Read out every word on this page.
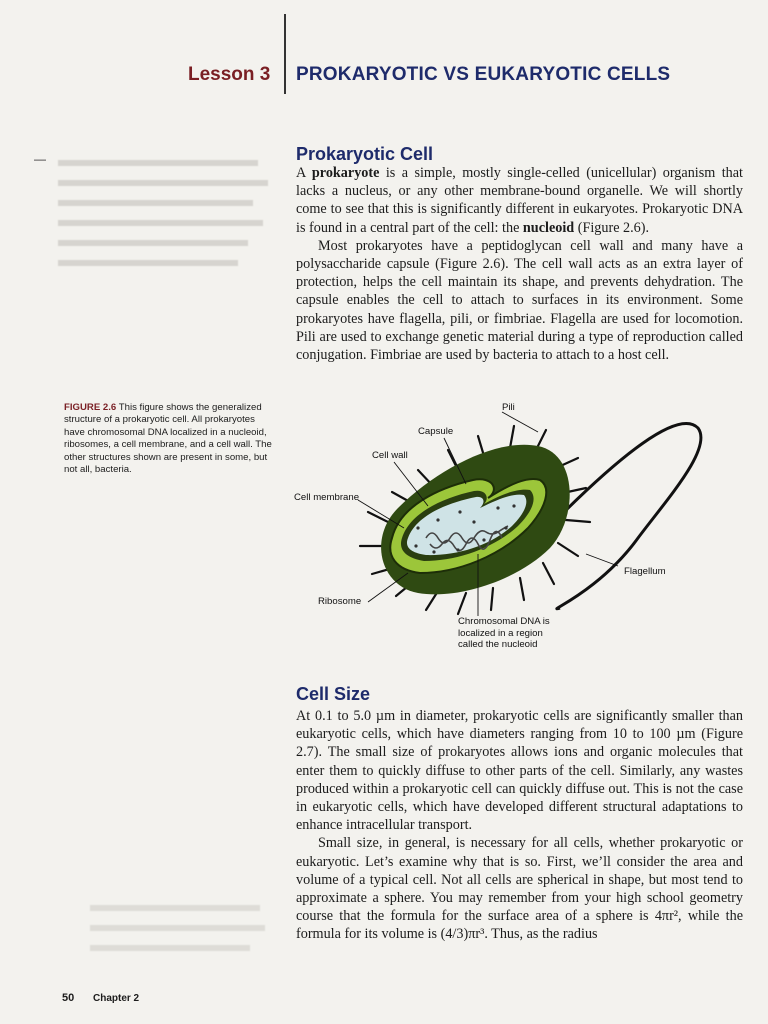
—
Lesson 3 PROKARYOTIC VS EUKARYOTIC CELLS
Prokaryotic Cell

A prokaryote is a simple, mostly single-celled (unicellular) organism that lacks a nucleus, or any other membrane-bound organelle. We will shortly come to see that this is significantly different in eukaryotes. Prokaryotic DNA is found in a central part of the cell: the nucleoid (Figure 2.6).

Most prokaryotes have a peptidoglycan cell wall and many have a polysaccharide capsule (Figure 2.6). The cell wall acts as an extra layer of protection, helps the cell maintain its shape, and prevents dehydration. The capsule enables the cell to attach to surfaces in its environment. Some prokaryotes have flagella, pili, or fimbriae. Flagella are used for locomotion. Pili are used to exchange genetic material during a type of reproduction called conjugation. Fimbriae are used by bacteria to attach to a host cell.

FIGURE 2.6 This figure shows the generalized structure of a prokaryotic cell. All prokaryotes have chromosomal DNA localized in a nucleoid, ribosomes, a cell membrane, and a cell wall. The other structures shown are present in some, but not all, bacteria.
Pili
Capsule
Cell wall
Cell membrane
Flagellum
Ribosome
Chromosomal DNA is localized in a region called the nucleoid
Cell Size

At 0.1 to 5.0 µm in diameter, prokaryotic cells are significantly smaller than eukaryotic cells, which have diameters ranging from 10 to 100 µm (Figure 2.7). The small size of prokaryotes allows ions and organic molecules that enter them to quickly diffuse to other parts of the cell. Similarly, any wastes produced within a prokaryotic cell can quickly diffuse out. This is not the case in eukaryotic cells, which have developed different structural adaptations to enhance intracellular transport.

Small size, in general, is necessary for all cells, whether prokaryotic or eukaryotic. Let’s examine why that is so. First, we’ll consider the area and volume of a typical cell. Not all cells are spherical in shape, but most tend to approximate a sphere. You may remember from your high school geometry course that the formula for the surface area of a sphere is 4πr², while the formula for its volume is (4/3)πr³. Thus, as the radius

50 Chapter 2
